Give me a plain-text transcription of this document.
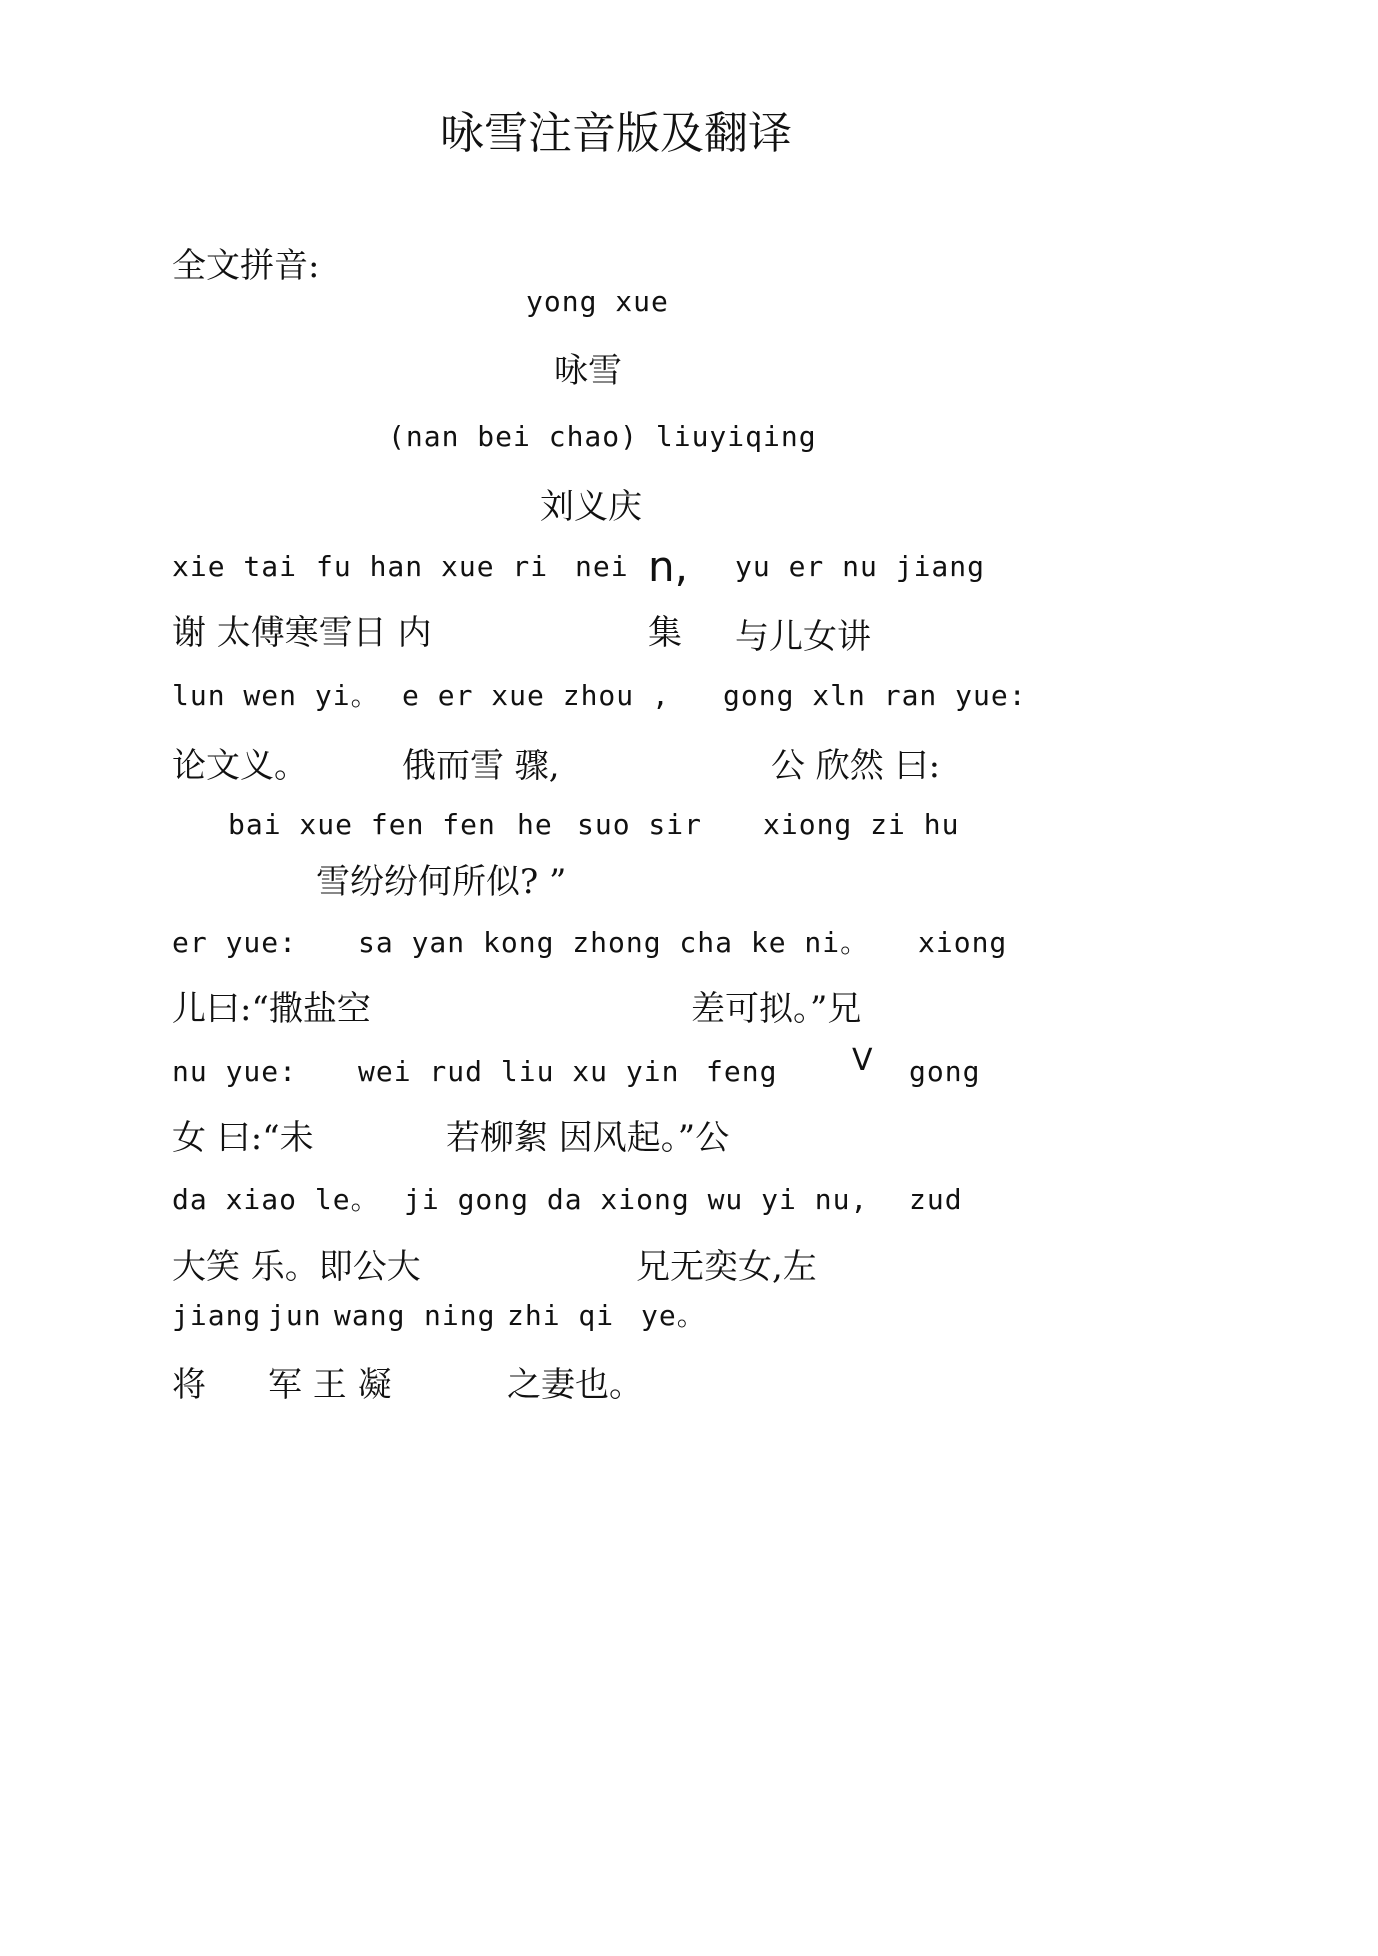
咏雪注音版及翻译
全文拼音:
yong xue
咏雪
(nan bei chao) liuyiqing
刘义庆
xie tai fu han xue ri nei n, yu er nu jiang
谢 太傅寒雪日 内	集 与儿女讲
lun wen yi。 e er xue zhou , gong xln ran yue:
论文义。	俄而雪 骤,	公 欣然 曰:
bai xue fen fen he suo sir xiong zi hu
雪纷纷何所似? ”
er yue: sa yan kong zhong cha ke ni。 xiong
儿曰:“撒盐空	差可拟。”兄
nu yue: wei rud liu xu yin feng V gong
女 曰:“未	若柳絮 因风起。”公
da xiao le。 ji gong da xiong wu yi nu, zud
大笑 乐。即公大	兄无奕女,左
jiang jun wang ning zhi qi ye。
将 军 王 凝	之妻也。
